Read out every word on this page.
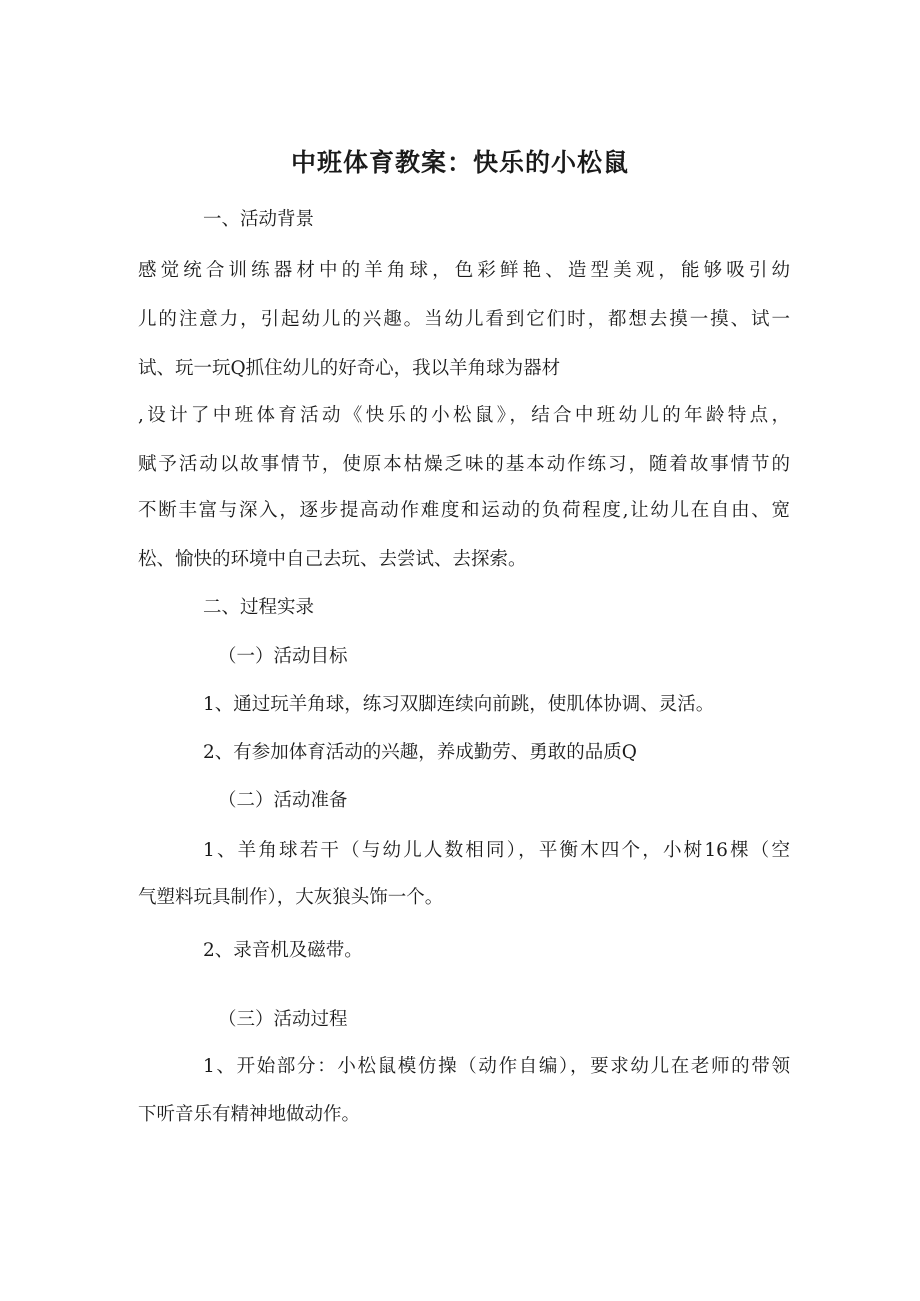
中班体育教案：快乐的小松鼠
一、活动背景
感觉统合训练器材中的羊角球，色彩鲜艳、造型美观，能够吸引幼
儿的注意力，引起幼儿的兴趣。当幼儿看到它们时，都想去摸一摸、试一
试、玩一玩Q抓住幼儿的好奇心，我以羊角球为器材
,设计了中班体育活动《快乐的小松鼠》，结合中班幼儿的年龄特点，
赋予活动以故事情节，使原本枯燥乏味的基本动作练习，随着故事情节的
不断丰富与深入，逐步提高动作难度和运动的负荷程度,让幼儿在自由、宽
松、愉快的环境中自己去玩、去尝试、去探索。
二、过程实录
（一）活动目标
1、通过玩羊角球，练习双脚连续向前跳，使肌体协调、灵活。
2、有参加体育活动的兴趣，养成勤劳、勇敢的品质Q
（二）活动准备
1、羊角球若干（与幼儿人数相同），平衡木四个，小树16棵（空
气塑料玩具制作），大灰狼头饰一个。
2、录音机及磁带。
（三）活动过程
1、开始部分：小松鼠模仿操（动作自编），要求幼儿在老师的带领
下听音乐有精神地做动作。
